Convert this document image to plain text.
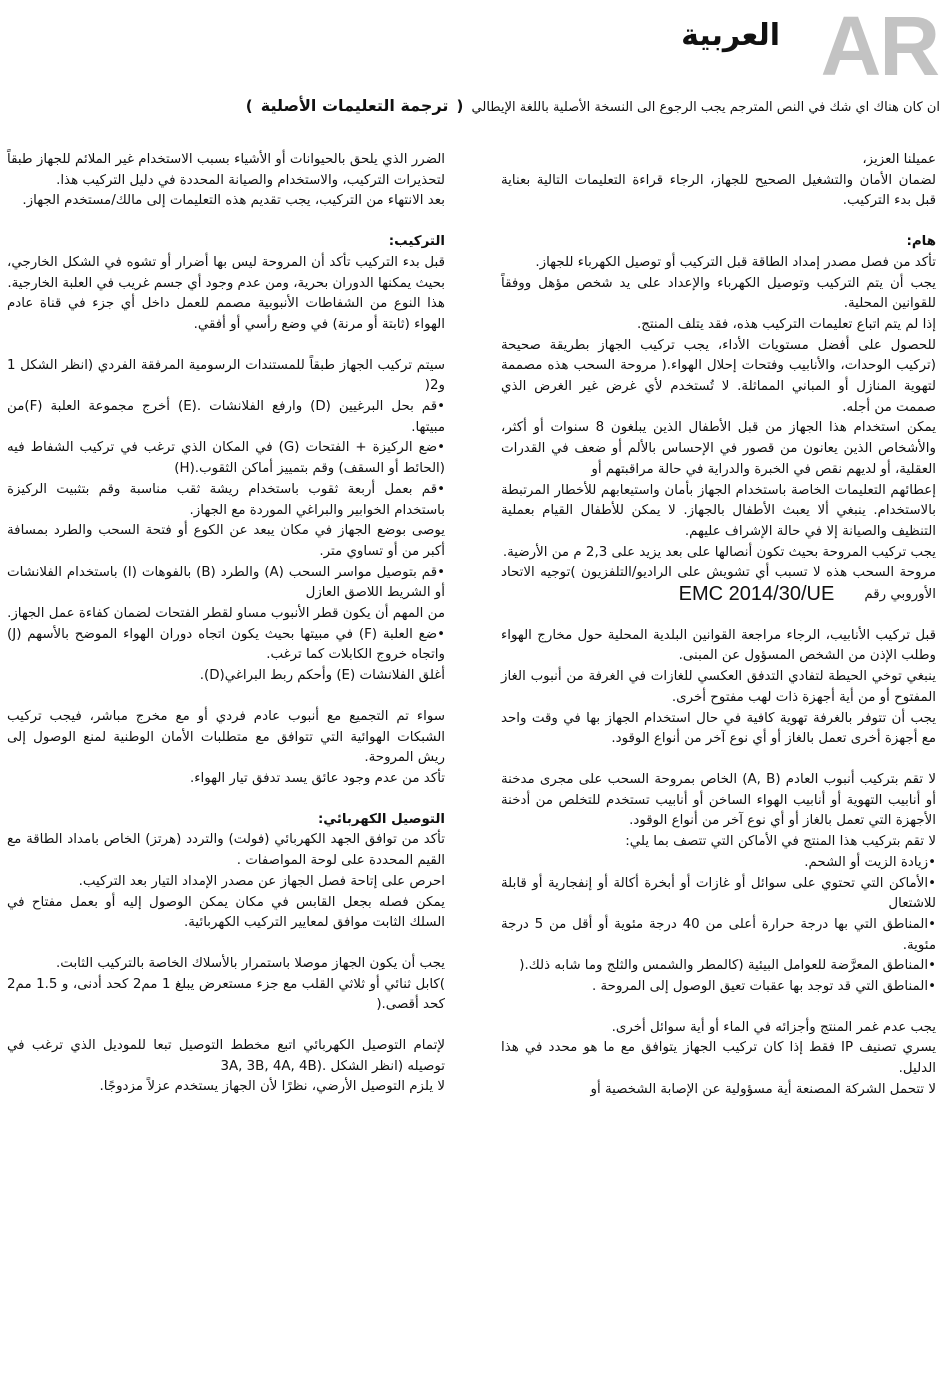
AR
العربية
ان كان هناك اي شك في النص المترجم يجب الرجوع الى النسخة الأصلية باللغة الإيطالي ( ترجمة التعليمات الأصلية )

عميلنا العزيز،

لضمان الأمان والتشغيل الصحيح للجهاز، الرجاء قراءة التعليمات التالية بعناية قبل بدء التركيب.

هام:

تأكد من فصل مصدر إمداد الطاقة قبل التركيب أو توصيل الكهرباء للجهاز.

يجب أن يتم التركيب وتوصيل الكهرباء والإعداد على يد شخص مؤهل ووفقاً للقوانين المحلية.

إذا لم يتم اتباع تعليمات التركيب هذه، فقد يتلف المنتج.

للحصول على أفضل مستويات الأداء، يجب تركيب الجهاز بطريقة صحيحة (تركيب الوحدات، والأنابيب وفتحات إحلال الهواء.( مروحة السحب هذه مصممة لتهوية المنازل أو المباني المماثلة. لا تُستخدم لأي غرض غير الغرض الذي صممت من أجله.

يمكن استخدام هذا الجهاز من قبل الأطفال الذين يبلغون 8 سنوات أو أكثر، والأشخاص الذين يعانون من قصور في الإحساس بالألم أو ضعف في القدرات العقلية، أو لديهم نقص في الخبرة والدراية في حالة مراقبتهم أو

إعطائهم التعليمات الخاصة باستخدام الجهاز بأمان واستيعابهم للأخطار المرتبطة بالاستخدام. ينبغي ألا يعبث الأطفال بالجهاز. لا يمكن للأطفال القيام بعملية التنظيف والصيانة إلا في حالة الإشراف عليهم.

يجب تركيب المروحة بحيث تكون أنصالها على بعد يزيد على 2,3 م من الأرضية.

مروحة السحب هذه لا تسبب أي تشويش على الراديو/التلفزيون )توجيه الاتحاد الأوروبي رقمEMC 2014/30/UE

قبل تركيب الأنابيب، الرجاء مراجعة القوانين البلدية المحلية حول مخارج الهواء وطلب الإذن من الشخص المسؤول عن المبنى.

ينبغي توخي الحيطة لتفادي التدفق العكسي للغازات في الغرفة من أنبوب الغاز المفتوح أو من أية أجهزة ذات لهب مفتوح أخرى.

يجب أن تتوفر بالغرفة تهوية كافية في حال استخدام الجهاز بها في وقت واحد مع أجهزة أخرى تعمل بالغاز أو أي نوع آخر من أنواع الوقود.

لا تقم بتركيب أنبوب العادم (A, B) الخاص بمروحة السحب على مجرى مدخنة أو أنابيب التهوية أو أنابيب الهواء الساخن أو أنابيب تستخدم للتخلص من أدخنة الأجهزة التي تعمل بالغاز أو أي نوع آخر من أنواع الوقود.

لا تقم بتركيب هذا المنتج في الأماكن التي تتصف بما يلي:

•زيادة الزيت أو الشحم.

•الأماكن التي تحتوي على سوائل أو غازات أو أبخرة أكالة أو إنفجارية أو قابلة للاشتعال

•المناطق التي بها درجة حرارة أعلى من 40 درجة مئوية أو أقل من 5 درجة مئوية.

•المناطق المعرَّضة للعوامل البيئية (كالمطر والشمس والثلج وما شابه ذلك.(

•المناطق التي قد توجد بها عقبات تعيق الوصول إلى المروحة .

يجب عدم غمر المنتج وأجزائه في الماء أو أية سوائل أخرى.

يسري تصنيف IP فقط إذا كان تركيب الجهاز يتوافق مع ما هو محدد في هذا الدليل.

لا تتحمل الشركة المصنعة أية مسؤولية عن الإصابة الشخصية أو

الضرر الذي يلحق بالحيوانات أو الأشياء بسبب الاستخدام غير الملائم للجهاز طبقاً لتحذيرات التركيب، والاستخدام والصيانة المحددة في دليل التركيب هذا.

بعد الانتهاء من التركيب، يجب تقديم هذه التعليمات إلى مالك/مستخدم الجهاز.

التركيب:

قبل بدء التركيب تأكد أن المروحة ليس بها أضرار أو تشوه في الشكل الخارجي، بحيث يمكنها الدوران بحرية، ومن عدم وجود أي جسم غريب في العلبة الخارجية.

هذا النوع من الشفاطات الأنبوبية مصمم للعمل داخل أي جزء في قناة عادم الهواء (ثابتة أو مرنة) في وضع رأسي أو أفقي.

سيتم تركيب الجهاز طبقاً للمستندات الرسومية المرفقة الفردي (انظر الشكل 1 و2(

•قم بحل البرغيين (D) وارفع الفلانشات .(E) أخرج مجموعة العلبة (F)من مبيتها.

•ضع الركيزة + الفتحات (G) في المكان الذي ترغب في تركيب الشفاط فيه (الحائط أو السقف) وقم بتمييز أماكن الثقوب.(H)

•قم بعمل أربعة ثقوب باستخدام ريشة ثقب مناسبة وقم بتثبيت الركيزة باستخدام الخوابير والبراغي الموردة مع الجهاز.

يوصى بوضع الجهاز في مكان يبعد عن الكوع أو فتحة السحب والطرد بمسافة أكبر من أو تساوي متر.

•قم بتوصيل مواسر السحب (A) والطرد (B) بالفوهات (I) باستخدام الفلانشات أو الشريط اللاصق العازل

من المهم أن يكون قطر الأنبوب مساو لقطر الفتحات لضمان كفاءة عمل الجهاز.

•ضع العلبة (F) في مبيتها بحيث يكون اتجاه دوران الهواء الموضح بالأسهم (J) واتجاه خروج الكابلات كما ترغب.

أغلق الفلانشات (E) وأحكم ربط البراغي(D).

سواء تم التجميع مع أنبوب عادم فردي أو مع مخرج مباشر، فيجب تركيب الشبكات الهوائية التي تتوافق مع متطلبات الأمان الوطنية لمنع الوصول إلى ريش المروحة.

تأكد من عدم وجود عائق يسد تدفق تيار الهواء.

التوصيل الكهربائي:

تأكد من توافق الجهد الكهربائي (فولت) والتردد (هرتز) الخاص بامداد الطاقة مع القيم المحددة على لوحة المواصفات .

احرص على إتاحة فصل الجهاز عن مصدر الإمداد التيار بعد التركيب.

يمكن فصله بجعل القابس في مكان يمكن الوصول إليه أو بعمل مفتاح في السلك الثابت موافق لمعايير التركيب الكهربائية.

يجب أن يكون الجهاز موصلا باستمرار بالأسلاك الخاصة بالتركيب الثابت.

)كابل ثنائي أو ثلاثي القلب مع جزء مستعرض يبلغ 1 مم2 كحد أدنى، و 1.5 مم2 كحد أقصى.(

لإتمام التوصيل الكهربائي اتبع مخطط التوصيل تبعا للموديل الذي ترغب في توصيله (انظر الشكل .(3A, 3B, 4A, 4B

لا يلزم التوصيل الأرضي، نظرًا لأن الجهاز يستخدم عزلاً مزدوجًا.
